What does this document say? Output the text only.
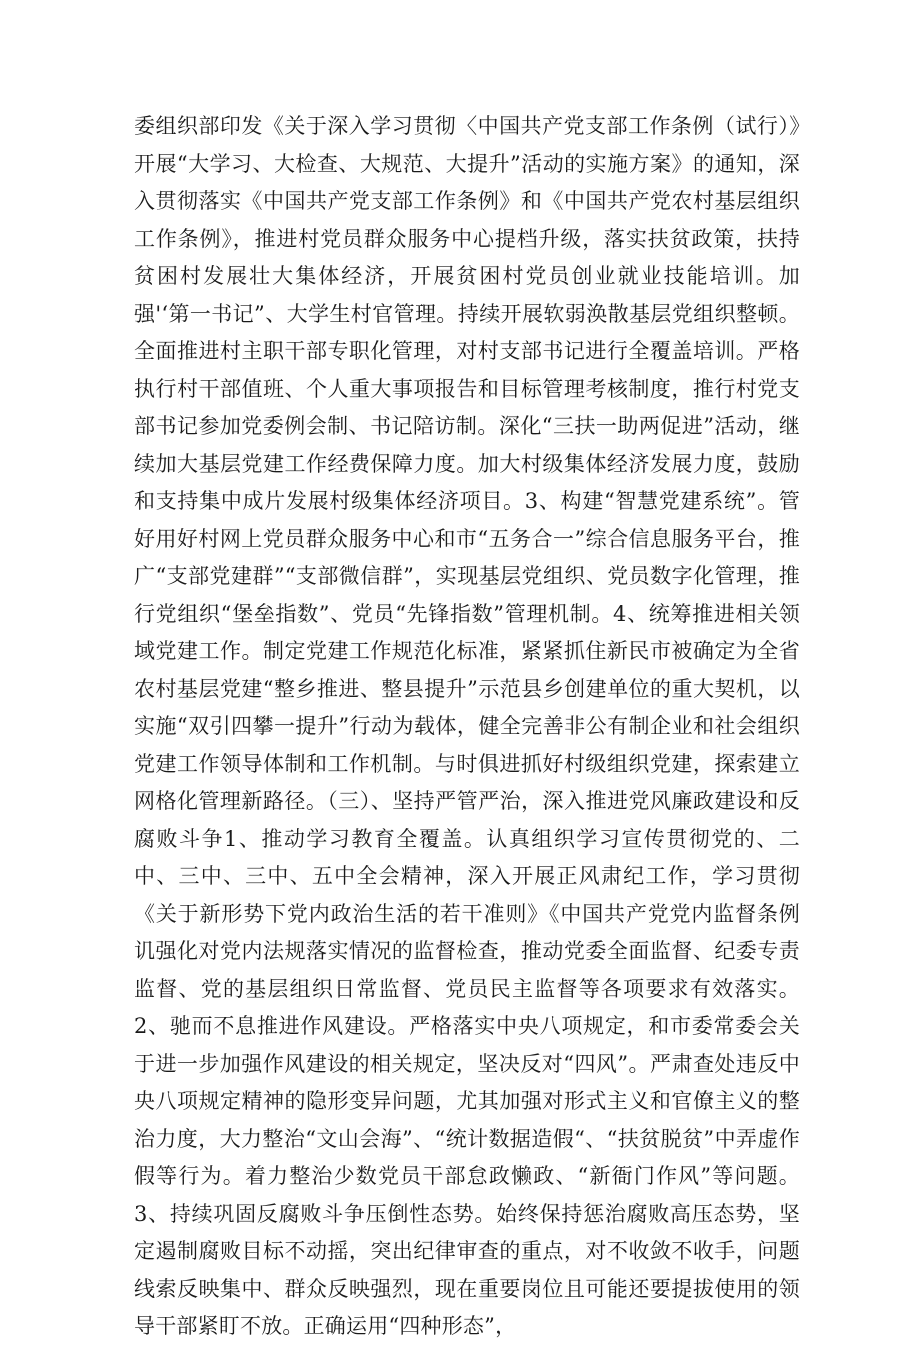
委组织部印发《关于深入学习贯彻〈中国共产党支部工作条例（试行）》开展“大学习、大检查、大规范、大提升”活动的实施方案》的通知，深入贯彻落实《中国共产党支部工作条例》和《中国共产党农村基层组织工作条例》，推进村党员群众服务中心提档升级，落实扶贫政策，扶持贫困村发展壮大集体经济，开展贫困村党员创业就业技能培训。加强'‘第一书记”、大学生村官管理。持续开展软弱涣散基层党组织整顿。全面推进村主职干部专职化管理，对村支部书记进行全覆盖培训。严格执行村干部值班、个人重大事项报告和目标管理考核制度，推行村党支部书记参加党委例会制、书记陪访制。深化“三扶一助两促进”活动，继续加大基层党建工作经费保障力度。加大村级集体经济发展力度，鼓励和支持集中成片发展村级集体经济项目。3、构建“智慧党建系统”。管好用好村网上党员群众服务中心和市“五务合一”综合信息服务平台，推广“支部党建群”“支部微信群”，实现基层党组织、党员数字化管理，推行党组织“堡垒指数”、党员“先锋指数”管理机制。4、统筹推进相关领域党建工作。制定党建工作规范化标准，紧紧抓住新民市被确定为全省农村基层党建“整乡推进、整县提升”示范县乡创建单位的重大契机，以实施“双引四攀一提升”行动为载体，健全完善非公有制企业和社会组织党建工作领导体制和工作机制。与时俱进抓好村级组织党建，探索建立网格化管理新路径。（三）、坚持严管严治，深入推进党风廉政建设和反腐败斗争1、推动学习教育全覆盖。认真组织学习宣传贯彻党的、二中、三中、三中、五中全会精神，深入开展正风肃纪工作，学习贯彻《关于新形势下党内政治生活的若干准则》《中国共产党党内监督条例讥强化对党内法规落实情况的监督检查，推动党委全面监督、纪委专责监督、党的基层组织日常监督、党员民主监督等各项要求有效落实。2、驰而不息推进作风建设。严格落实中央八项规定，和市委常委会关于进一步加强作风建设的相关规定，坚决反对“四风”。严肃查处违反中央八项规定精神的隐形变异问题，尤其加强对形式主义和官僚主义的整治力度，大力整治“文山会海”、“统计数据造假“、“扶贫脱贫”中弄虚作假等行为。着力整治少数党员干部怠政懒政、“新衙门作风”等问题。3、持续巩固反腐败斗争压倒性态势。始终保持惩治腐败高压态势，坚定遏制腐败目标不动摇，突出纪律审查的重点，对不收敛不收手，问题线索反映集中、群众反映强烈，现在重要岗位且可能还要提拔使用的领导干部紧盯不放。正确运用“四种形态”，
